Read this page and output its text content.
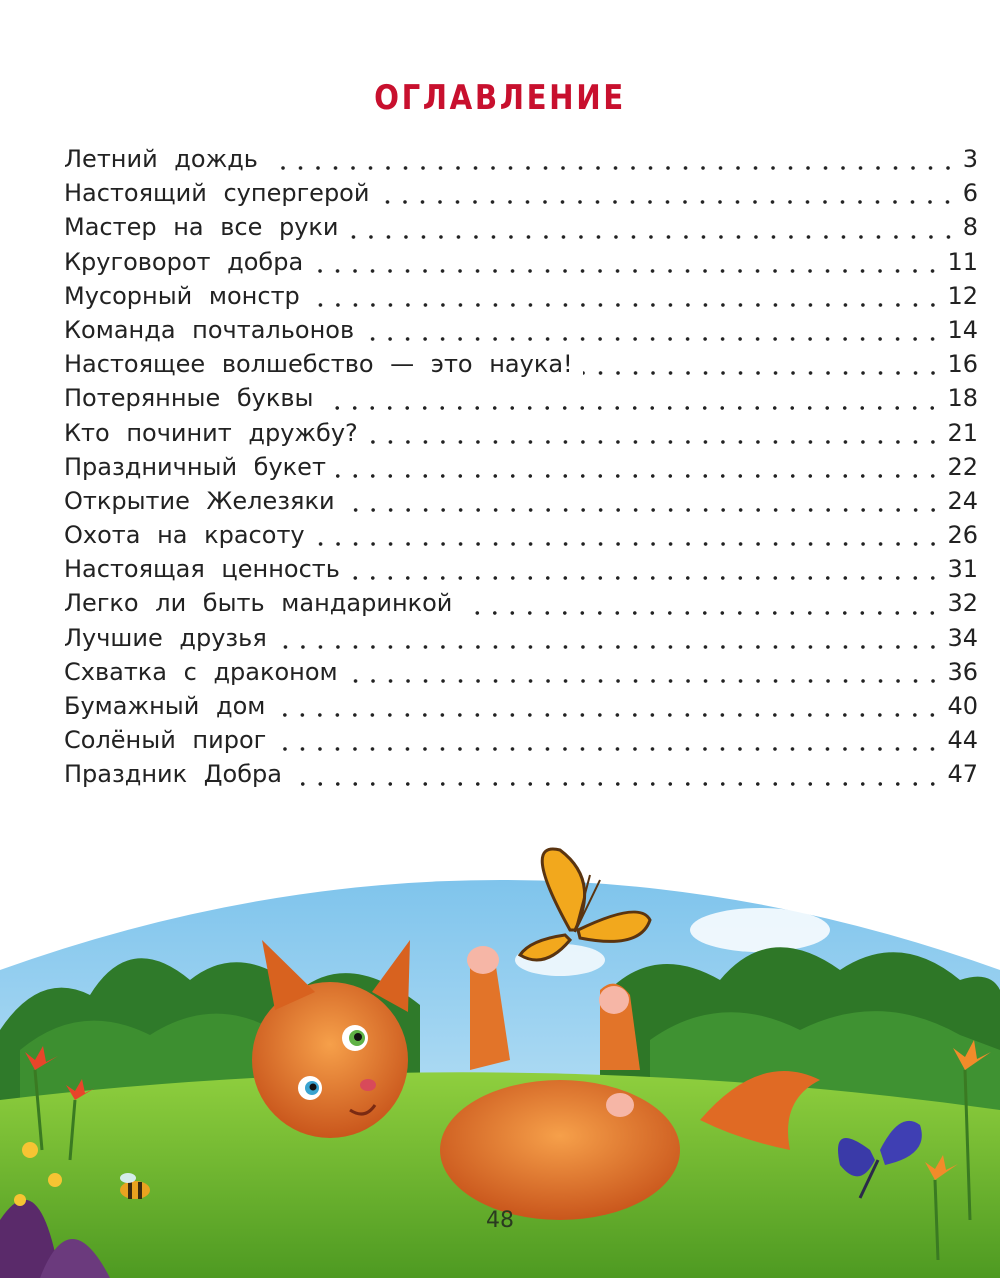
ОГЛАВЛЕНИЕ
Летний дождь	3
Настоящий супергерой	6
Мастер на все руки	8
Круговорот добра	11
Мусорный монстр	12
Команда почтальонов	14
Настоящее волшебство — это наука!	16
Потерянные буквы	18
Кто починит дружбу?	21
Праздничный букет	22
Открытие Железяки	24
Охота на красоту	26
Настоящая ценность	31
Легко ли быть мандаринкой	32
Лучшие друзья	34
Схватка с драконом	36
Бумажный дом	40
Солёный пирог	44
Праздник Добра	47
48
